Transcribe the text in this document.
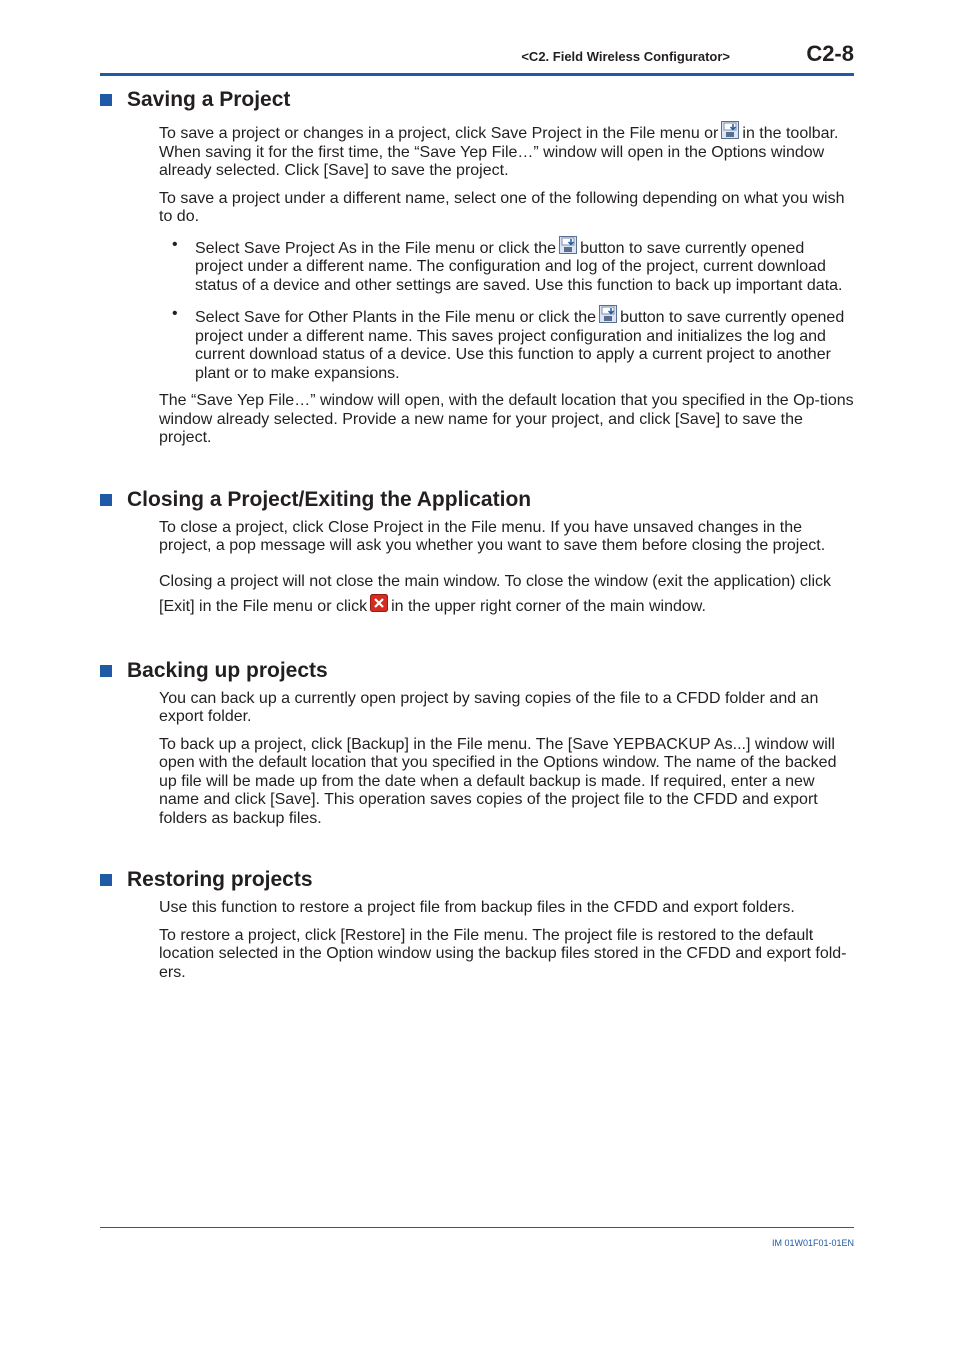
<C2. Field Wireless Configurator>	C2-8
Saving a Project

To save a project or changes in a project, click Save Project in the File menu or in the toolbar. When saving it for the first time, the “Save Yep File…” window will open in the Options window already selected. Click [Save] to save the project.

To save a project under a different name, select one of the following depending on what you wish to do.

• Select Save Project As in the File menu or click the button to save currently opened project under a different name. The configuration and log of the project, current download status of a device and other settings are saved. Use this function to back up important data.
• Select Save for Other Plants in the File menu or click the button to save currently opened project under a different name. This saves project configuration and initializes the log and current download status of a device. Use this function to apply a current project to another plant or to make expansions.

The “Save Yep File…” window will open, with the default location that you specified in the Op-tions window already selected. Provide a new name for your project, and click [Save] to save the project.

Closing a Project/Exiting the Application

To close a project, click Close Project in the File menu. If you have unsaved changes in the project, a pop message will ask you whether you want to save them before closing the project.

Closing a project will not close the main window. To close the window (exit the application) click [Exit] in the File menu or click in the upper right corner of the main window.

Backing up projects

You can back up a currently open project by saving copies of the file to a CFDD folder and an export folder.

To back up a project, click [Backup] in the File menu. The [Save YEPBACKUP As...] window will open with the default location that you specified in the Options window. The name of the backed up file will be made up from the date when a default backup is made. If required, enter a new name and click [Save]. This operation saves copies of the project file to the CFDD and export folders as backup files.

Restoring projects

Use this function to restore a project file from backup files in the CFDD and export folders.

To restore a project, click [Restore] in the File menu. The project file is restored to the default location selected in the Option window using the backup files stored in the CFDD and export fold-ers.

IM 01W01F01-01EN
